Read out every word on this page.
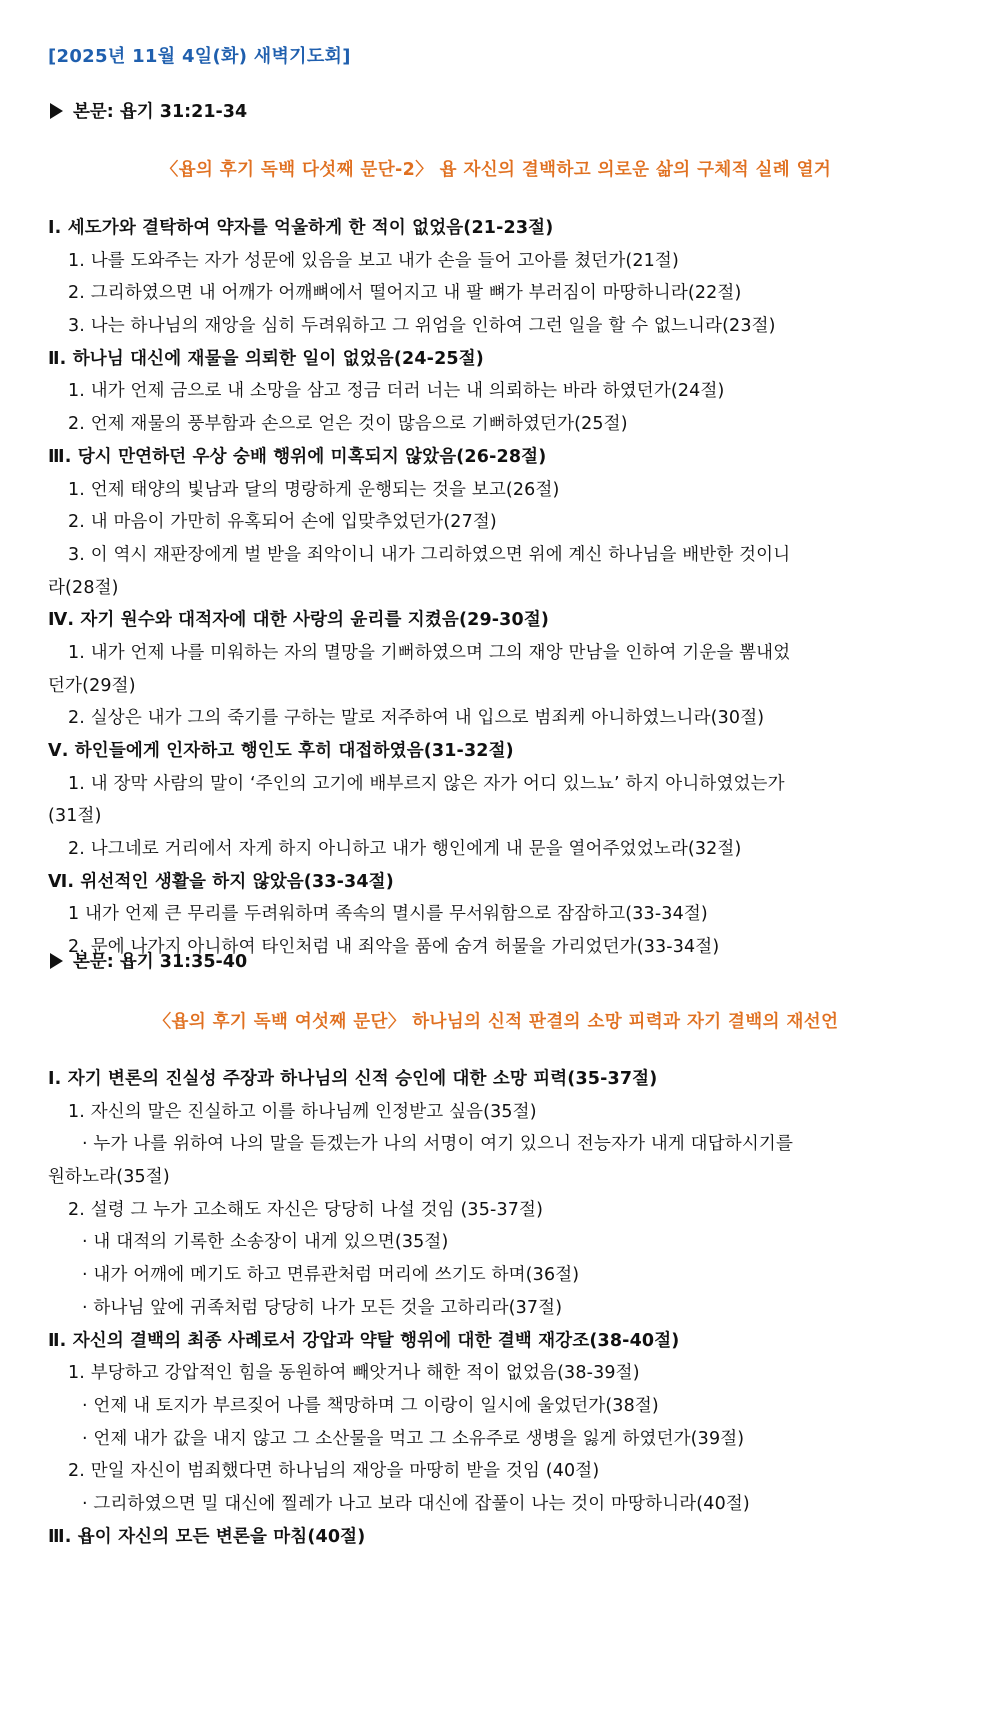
[2025년 11월 4일(화) 새벽기도회]
본문: 욥기 31:21-34
〈욥의 후기 독백 다섯째 문단-2〉 욥 자신의 결백하고 의로운 삶의 구체적 실례 열거
Ⅰ. 세도가와 결탁하여 약자를 억울하게 한 적이 없었음(21-23절)
1. 나를 도와주는 자가 성문에 있음을 보고 내가 손을 들어 고아를 쳤던가(21절)
2. 그리하였으면 내 어깨가 어깨뼈에서 떨어지고 내 팔 뼈가 부러짐이 마땅하니라(22절)
3. 나는 하나님의 재앙을 심히 두려워하고 그 위엄을 인하여 그런 일을 할 수 없느니라(23절)
Ⅱ. 하나님 대신에 재물을 의뢰한 일이 없었음(24-25절)
1. 내가 언제 금으로 내 소망을 삼고 정금 더러 너는 내 의뢰하는 바라 하였던가(24절)
2. 언제 재물의 풍부함과 손으로 얻은 것이 많음으로 기뻐하였던가(25절)
Ⅲ. 당시 만연하던 우상 숭배 행위에 미혹되지 않았음(26-28절)
1. 언제 태양의 빛남과 달의 명랑하게 운행되는 것을 보고(26절)
2. 내 마음이 가만히 유혹되어 손에 입맞추었던가(27절)
3. 이 역시 재판장에게 벌 받을 죄악이니 내가 그리하였으면 위에 계신 하나님을 배반한 것이니
라(28절)
Ⅳ. 자기 원수와 대적자에 대한 사랑의 윤리를 지켰음(29-30절)
1. 내가 언제 나를 미워하는 자의 멸망을 기뻐하였으며 그의 재앙 만남을 인하여 기운을 뽐내었
던가(29절)
2. 실상은 내가 그의 죽기를 구하는 말로 저주하여 내 입으로 범죄케 아니하였느니라(30절)
Ⅴ. 하인들에게 인자하고 행인도 후히 대접하였음(31-32절)
1. 내 장막 사람의 말이 ‘주인의 고기에 배부르지 않은 자가 어디 있느뇨’ 하지 아니하였었는가
(31절)
2. 나그네로 거리에서 자게 하지 아니하고 내가 행인에게 내 문을 열어주었었노라(32절)
Ⅵ. 위선적인 생활을 하지 않았음(33-34절)
1 내가 언제 큰 무리를 두려워하며 족속의 멸시를 무서워함으로 잠잠하고(33-34절)
2. 문에 나가지 아니하여 타인처럼 내 죄악을 품에 숨겨 허물을 가리었던가(33-34절)
본문: 욥기 31:35-40
〈욥의 후기 독백 여섯째 문단〉 하나님의 신적 판결의 소망 피력과 자기 결백의 재선언
Ⅰ. 자기 변론의 진실성 주장과 하나님의 신적 승인에 대한 소망 피력(35-37절)
1. 자신의 말은 진실하고 이를 하나님께 인정받고 싶음(35절)
· 누가 나를 위하여 나의 말을 듣겠는가 나의 서명이 여기 있으니 전능자가 내게 대답하시기를
원하노라(35절)
2. 설령 그 누가 고소해도 자신은 당당히 나설 것임 (35-37절)
· 내 대적의 기록한 소송장이 내게 있으면(35절)
· 내가 어깨에 메기도 하고 면류관처럼 머리에 쓰기도 하며(36절)
· 하나님 앞에 귀족처럼 당당히 나가 모든 것을 고하리라(37절)
Ⅱ. 자신의 결백의 최종 사례로서 강압과 약탈 행위에 대한 결백 재강조(38-40절)
1. 부당하고 강압적인 힘을 동원하여 빼앗거나 해한 적이 없었음(38-39절)
· 언제 내 토지가 부르짖어 나를 책망하며 그 이랑이 일시에 울었던가(38절)
· 언제 내가 값을 내지 않고 그 소산물을 먹고 그 소유주로 생병을 잃게 하였던가(39절)
2. 만일 자신이 범죄했다면 하나님의 재앙을 마땅히 받을 것임 (40절)
· 그리하였으면 밀 대신에 찔레가 나고 보라 대신에 잡풀이 나는 것이 마땅하니라(40절)
Ⅲ. 욥이 자신의 모든 변론을 마침(40절)
